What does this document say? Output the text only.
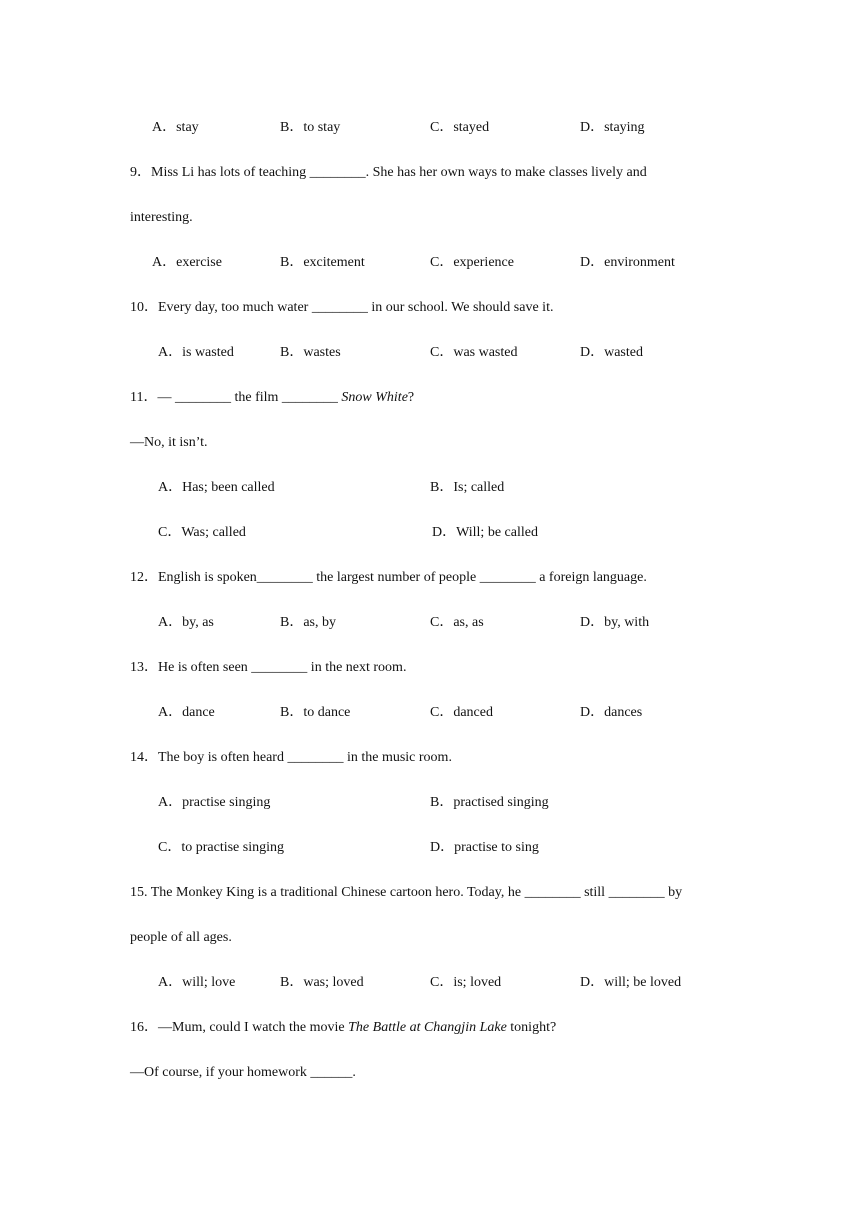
A．stay	B．to stay	C．stayed	D．staying
9．Miss Li has lots of teaching ________. She has her own ways to make classes lively and
interesting.
A．exercise	B．excitement	C．experience	D．environment
10．Every day, too much water ________ in our school. We should save it.
A．is wasted	B．wastes	C．was wasted	D．wasted
11．— ________ the film ________ Snow White?
—No, it isn’t.
A．Has; been called	B．Is; called
C．Was; called	D．Will; be called
12．English is spoken________ the largest number of people ________ a foreign language.
A．by, as	B．as, by	C．as, as	D．by, with
13．He is often seen ________ in the next room.
A．dance	B．to dance	C．danced	D．dances
14．The boy is often heard ________ in the music room.
A．practise singing	B．practised singing
C．to practise singing	D．practise to sing
15. The Monkey King is a traditional Chinese cartoon hero. Today, he ________ still ________ by
people of all ages.
A．will; love	B．was; loved	C．is; loved	D．will; be loved
16．—Mum, could I watch the movie The Battle at Changjin Lake tonight?
—Of course, if your homework ______.
